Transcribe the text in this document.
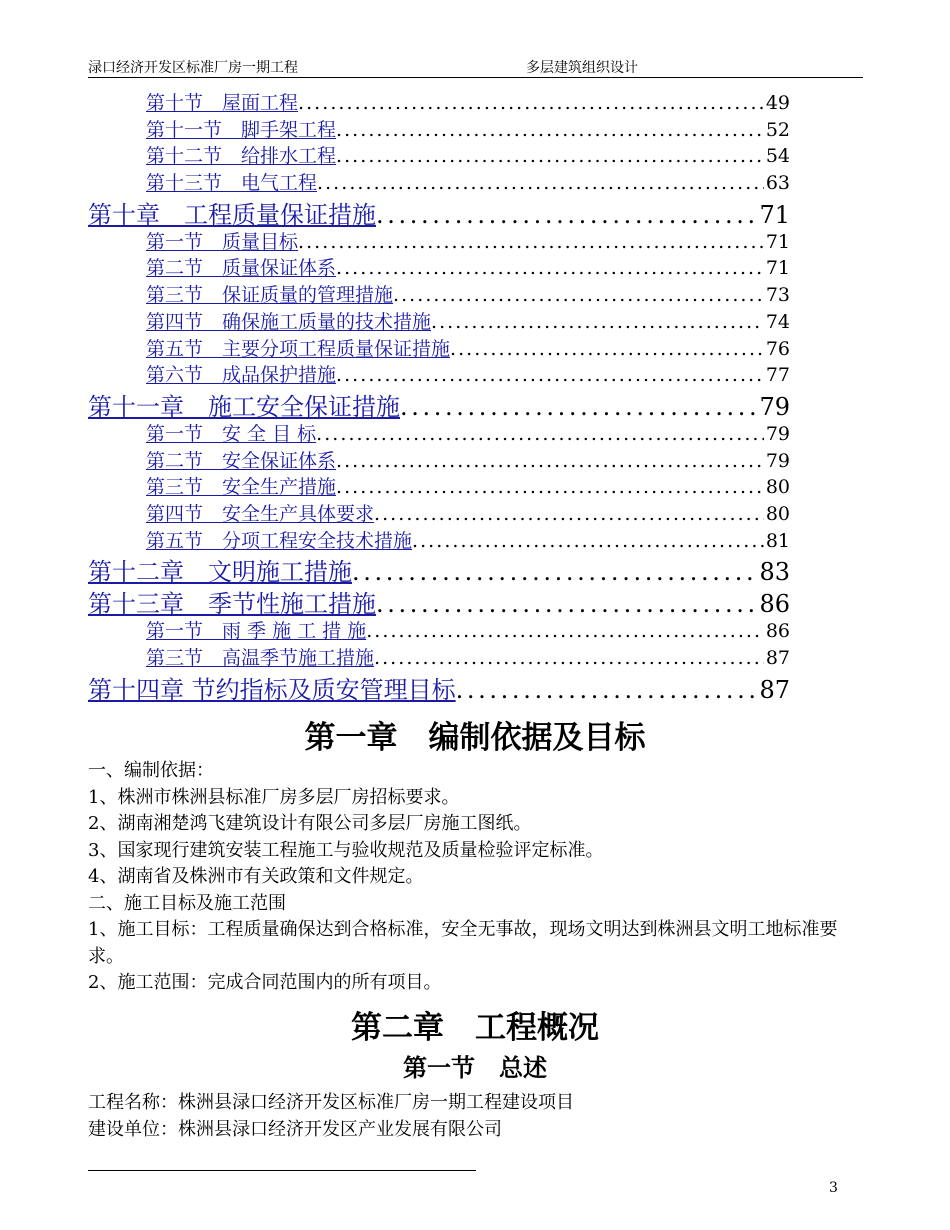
渌口经济开发区标准厂房一期工程	多层建筑组织设计
第十节　屋面工程 . . .	49
第十一节　脚手架工程 . . .	52
第十二节　给排水工程 . . .	54
第十三节　电气工程 . . .	63
第十章　工程质量保证措施 . . .	71
第一节　质量目标 . . .	71
第二节　质量保证体系 . . .	71
第三节　保证质量的管理措施 . . .	73
第四节　确保施工质量的技术措施 . . .	74
第五节　主要分项工程质量保证措施 . . .	76
第六节　成品保护措施 . . .	77
第十一章　施工安全保证措施 . . .	79
第一节　安 全 目 标 . . .	79
第二节　安全保证体系 . . .	79
第三节　安全生产措施 . . .	80
第四节　安全生产具体要求 . . .	80
第五节　分项工程安全技术措施 . . .	81
第十二章　文明施工措施 . . .	83
第十三章　季节性施工措施 . . .	86
第一节　雨 季 施 工 措 施 . . .	86
第三节　高温季节施工措施 . . .	87
第十四章 节约指标及质安管理目标 . . .	87
第一章　编制依据及目标

一、编制依据：

1、株洲市株洲县标准厂房多层厂房招标要求。

2、湖南湘楚鸿飞建筑设计有限公司多层厂房施工图纸。

3、国家现行建筑安装工程施工与验收规范及质量检验评定标准。

4、湖南省及株洲市有关政策和文件规定。

二、施工目标及施工范围

1、施工目标：工程质量确保达到合格标准，安全无事故，现场文明达到株洲县文明工地标准要求。

2、施工范围：完成合同范围内的所有项目。

第二章　工程概况
第一节　总述

工程名称：株洲县渌口经济开发区标准厂房一期工程建设项目

建设单位：株洲县渌口经济开发区产业发展有限公司

3
